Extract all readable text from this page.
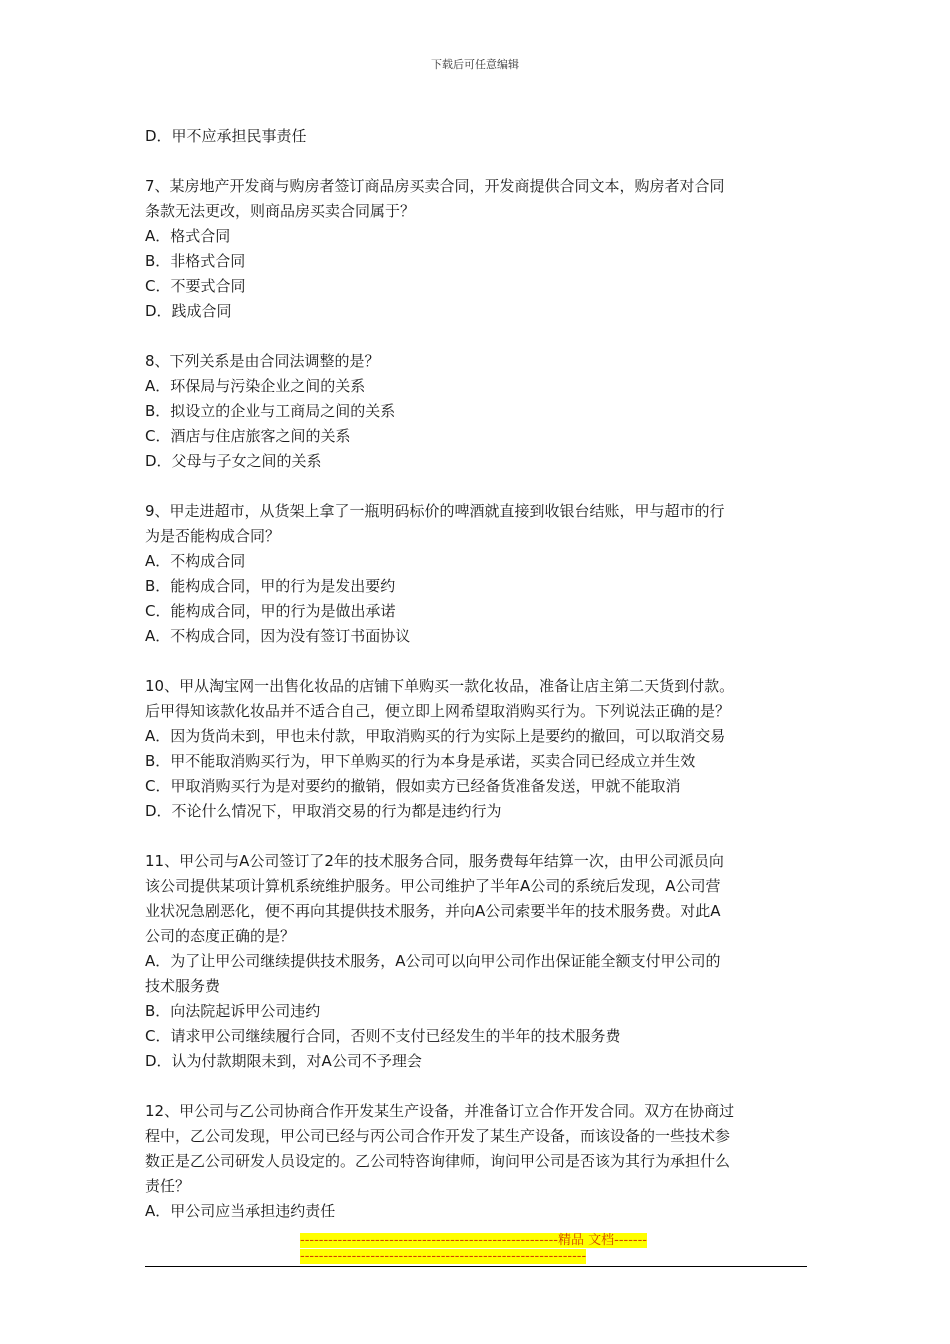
下载后可任意编辑

D．甲不应承担民事责任

7、某房地产开发商与购房者签订商品房买卖合同，开发商提供合同文本，购房者对合同

条款无法更改，则商品房买卖合同属于？

A．格式合同

B．非格式合同

C．不要式合同

D．践成合同

8、下列关系是由合同法调整的是？

A．环保局与污染企业之间的关系

B．拟设立的企业与工商局之间的关系

C．酒店与住店旅客之间的关系

D．父母与子女之间的关系

9、甲走进超市，从货架上拿了一瓶明码标价的啤酒就直接到收银台结账，甲与超市的行

为是否能构成合同？

A．不构成合同

B．能构成合同，甲的行为是发出要约

C．能构成合同，甲的行为是做出承诺

A．不构成合同，因为没有签订书面协议

10、甲从淘宝网一出售化妆品的店铺下单购买一款化妆品，准备让店主第二天货到付款。

后甲得知该款化妆品并不适合自己，便立即上网希望取消购买行为。下列说法正确的是？

A．因为货尚未到，甲也未付款，甲取消购买的行为实际上是要约的撤回，可以取消交易

B．甲不能取消购买行为，甲下单购买的行为本身是承诺，买卖合同已经成立并生效

C．甲取消购买行为是对要约的撤销，假如卖方已经备货准备发送，甲就不能取消

D．不论什么情况下，甲取消交易的行为都是违约行为

11、甲公司与A公司签订了2年的技术服务合同，服务费每年结算一次，由甲公司派员向

该公司提供某项计算机系统维护服务。甲公司维护了半年A公司的系统后发现，A公司营

业状况急剧恶化，便不再向其提供技术服务，并向A公司索要半年的技术服务费。对此A

公司的态度正确的是？

A．为了让甲公司继续提供技术服务，A公司可以向甲公司作出保证能全额支付甲公司的

技术服务费

B．向法院起诉甲公司违约

C．请求甲公司继续履行合同，否则不支付已经发生的半年的技术服务费

D．认为付款期限未到，对A公司不予理会

12、甲公司与乙公司协商合作开发某生产设备，并准备订立合作开发合同。双方在协商过

程中，乙公司发现，甲公司已经与丙公司合作开发了某生产设备，而该设备的一些技术参

数正是乙公司研发人员设定的。乙公司特咨询律师，询问甲公司是否该为其行为承担什么

责任？

A．甲公司应当承担违约责任

-------------------------------------------------------精品 文档--------------------------------------------------------------------
